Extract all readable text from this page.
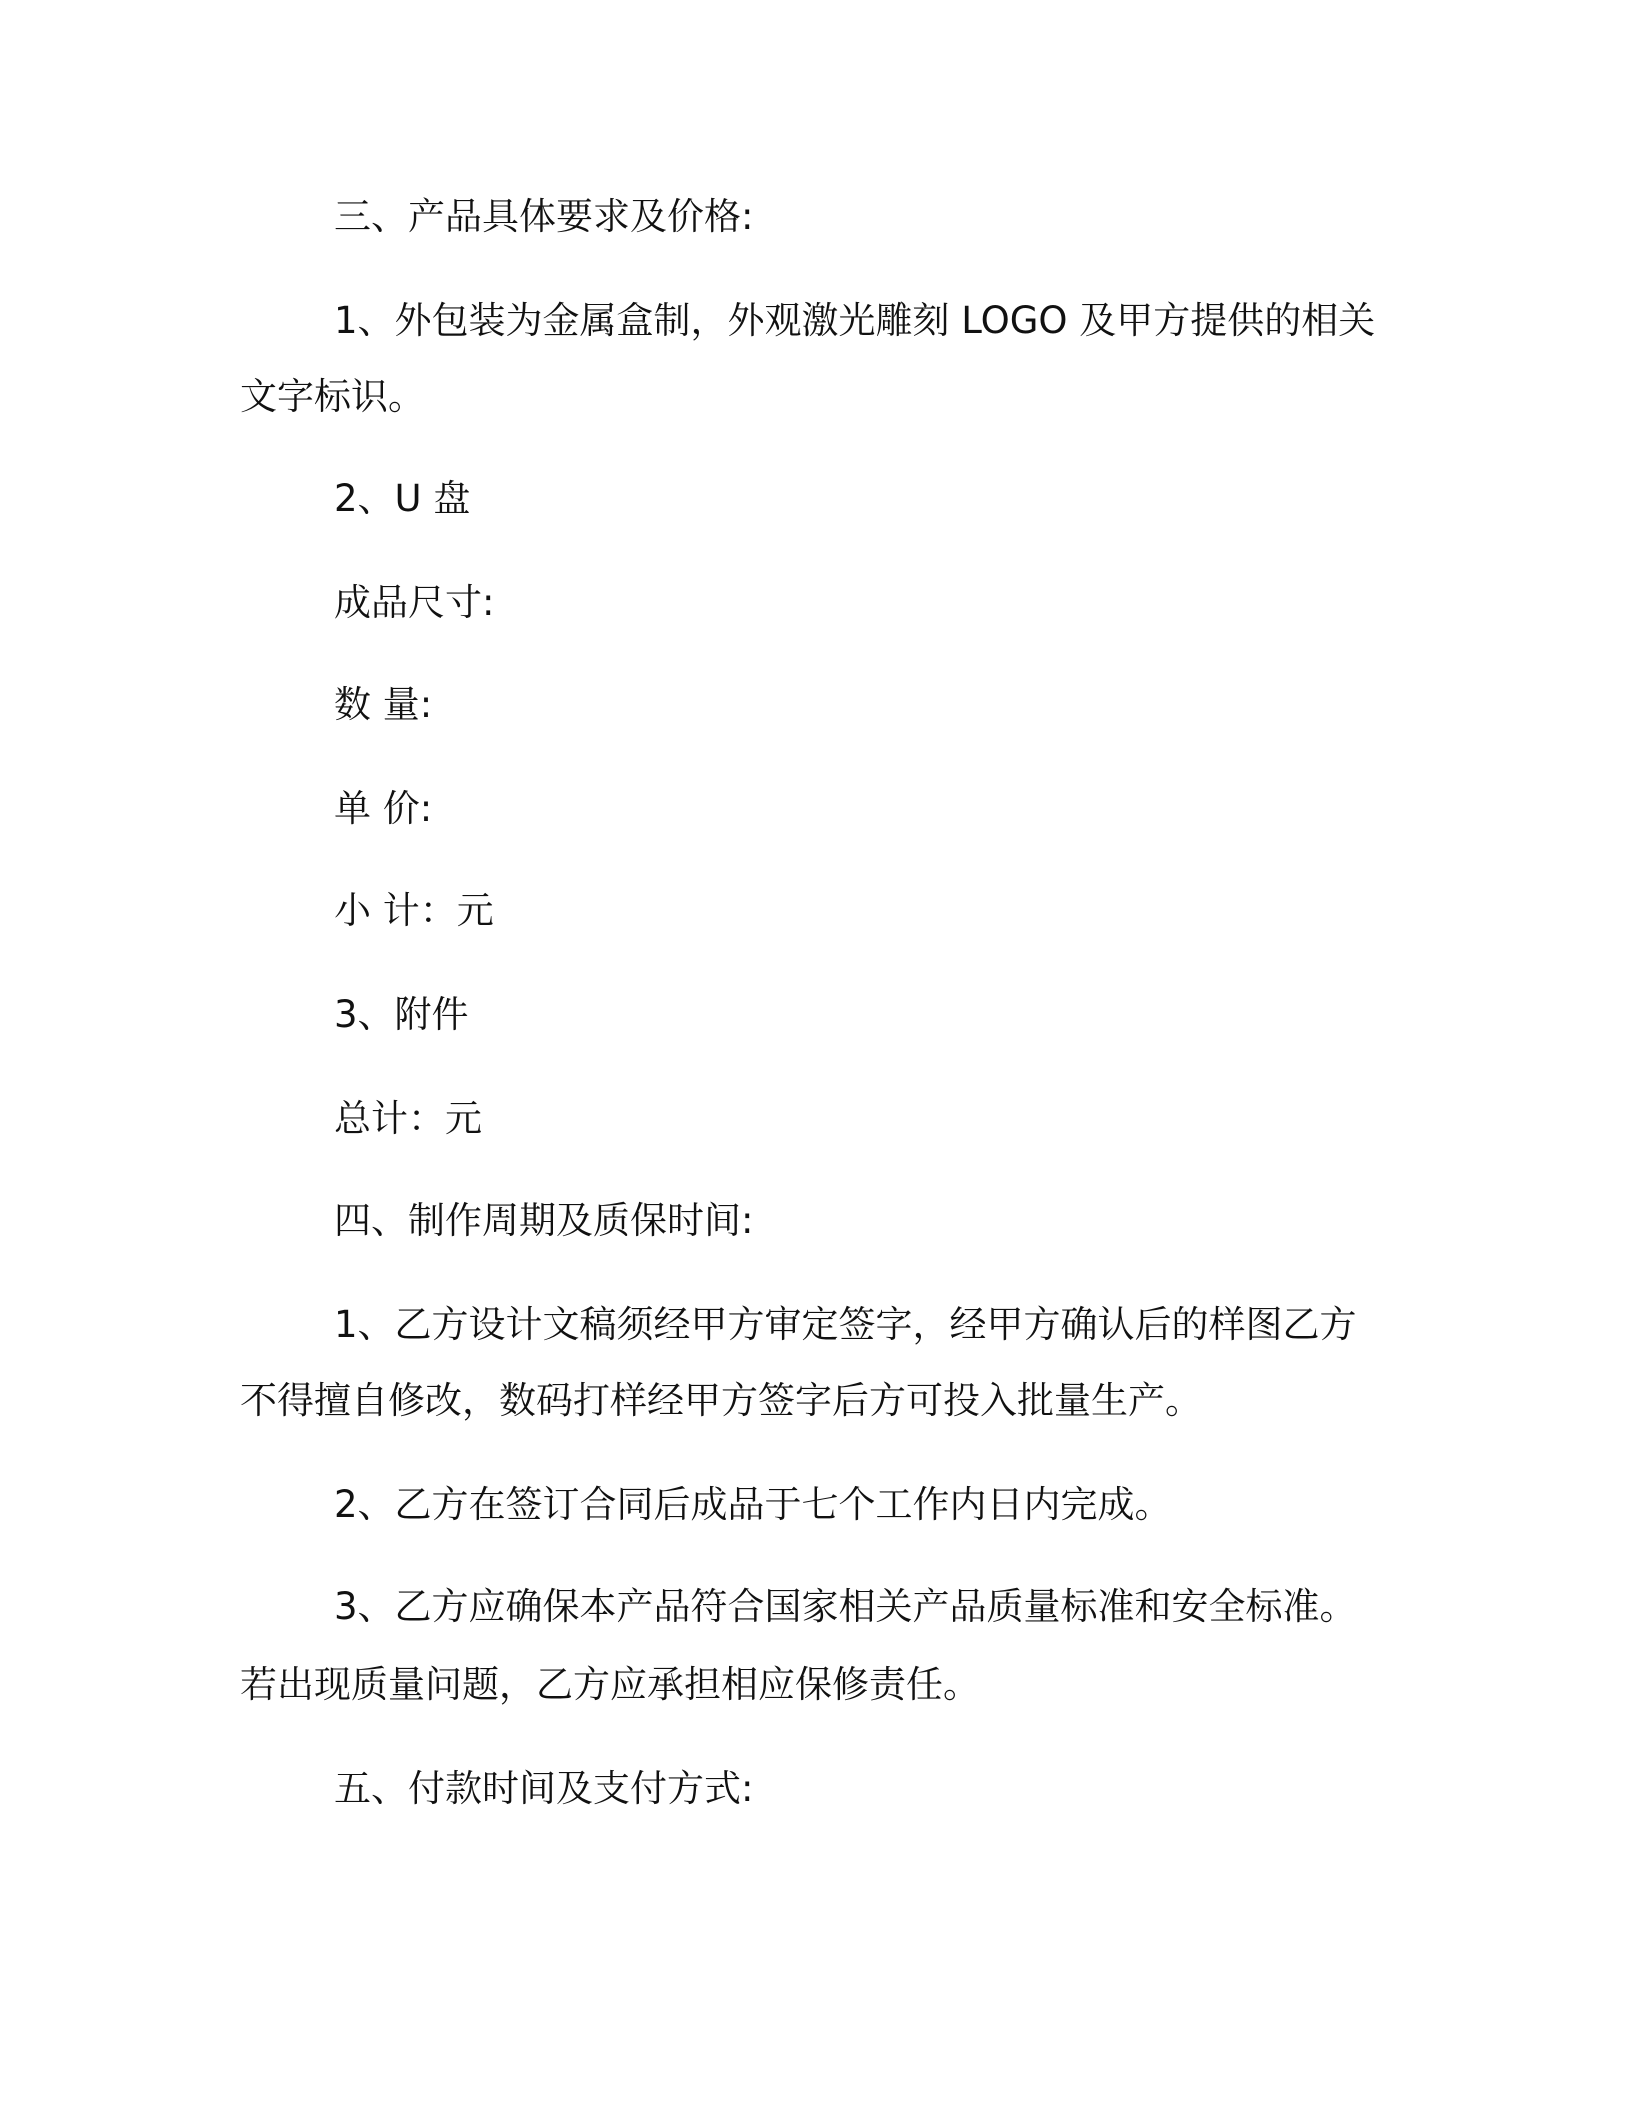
三、产品具体要求及价格:

1、外包装为金属盒制，外观激光雕刻 LOGO 及甲方提供的相关

文字标识。

2、U 盘

成品尺寸:

数 量:

单 价:

小 计：元

3、附件

总计：元

四、制作周期及质保时间:

1、乙方设计文稿须经甲方审定签字，经甲方确认后的样图乙方

不得擅自修改，数码打样经甲方签字后方可投入批量生产。

2、乙方在签订合同后成品于七个工作内日内完成。

3、乙方应确保本产品符合国家相关产品质量标准和安全标准。

若出现质量问题，乙方应承担相应保修责任。

五、付款时间及支付方式:
